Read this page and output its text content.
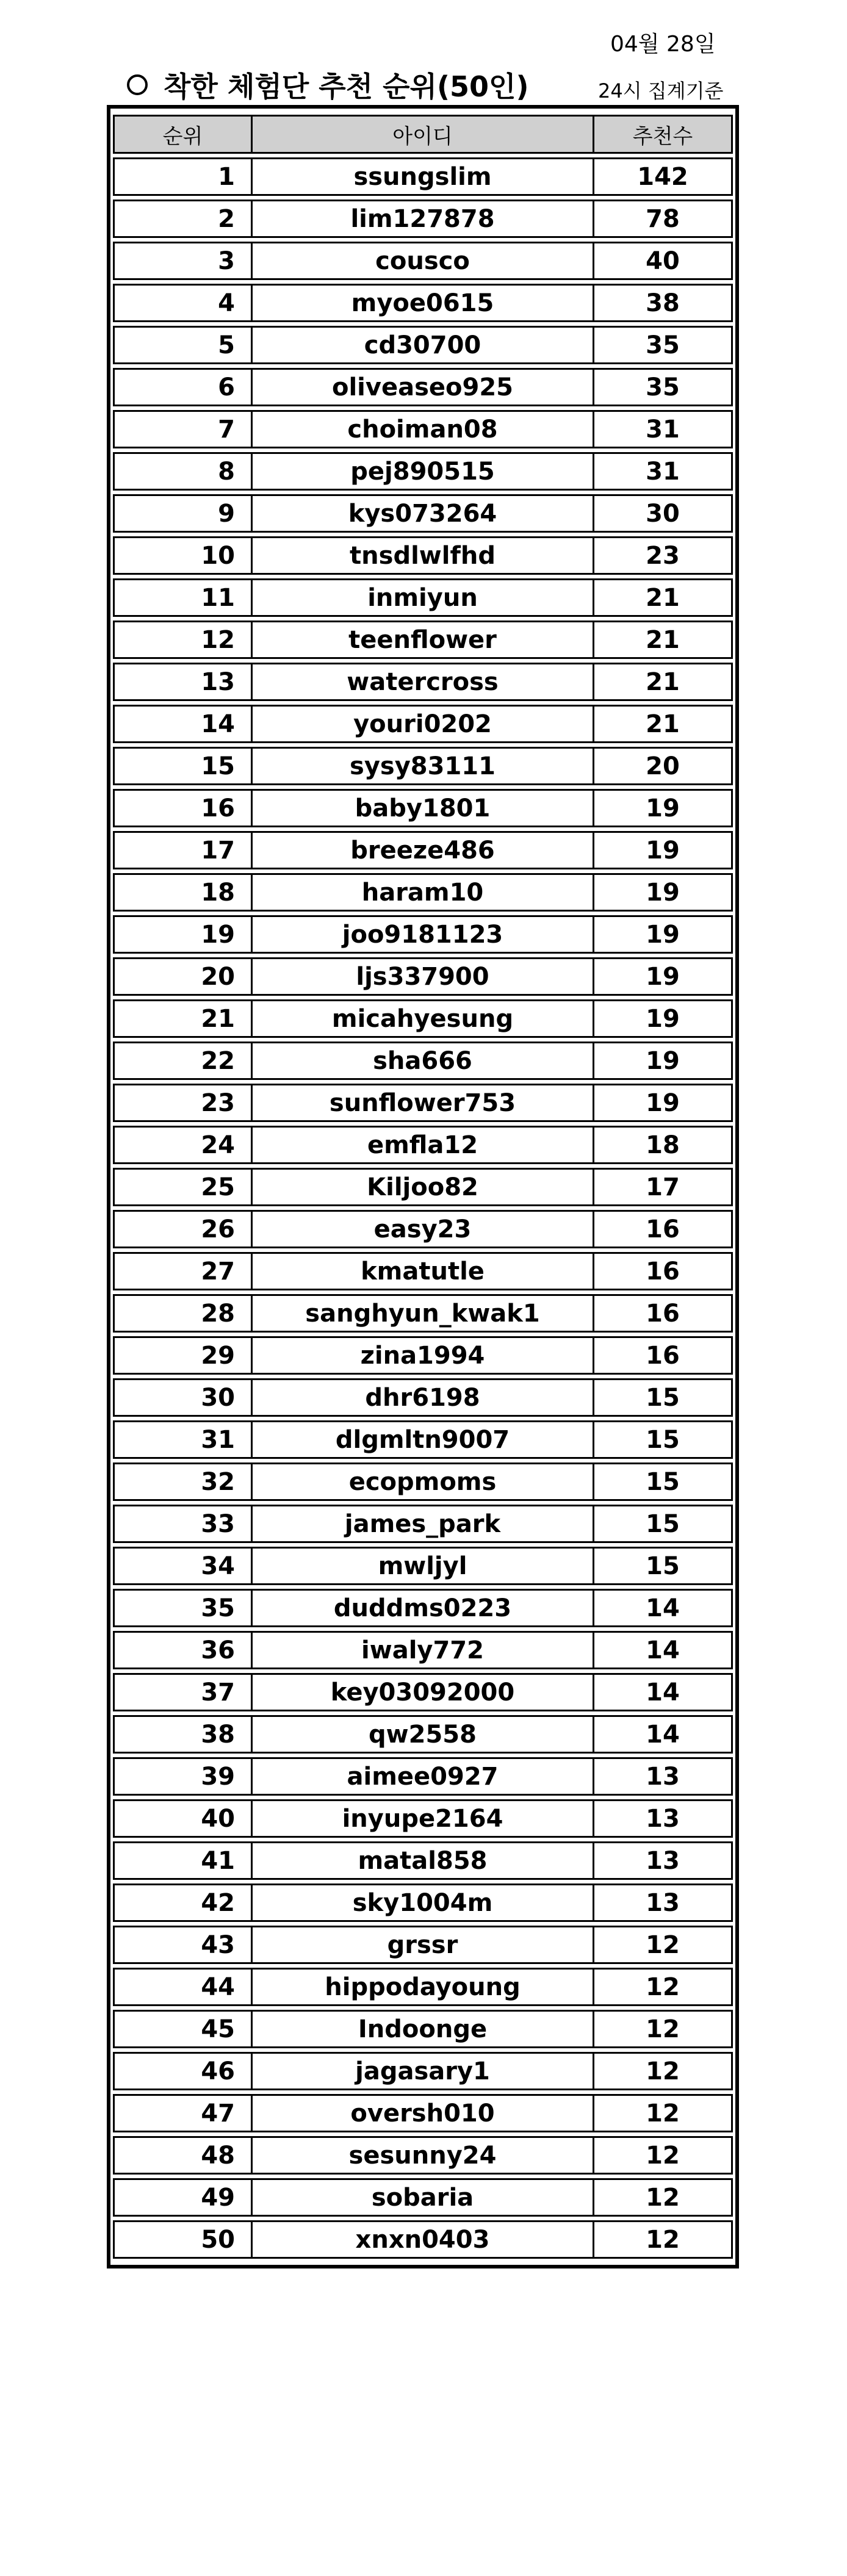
04월 28일
착한 체험단 추천 순위(50인)	24시 집계기준
순위	아이디	추천수
1	ssungslim	142
2	lim127878	78
3	cousco	40
4	myoe0615	38
5	cd30700	35
6	oliveaseo925	35
7	choiman08	31
8	pej890515	31
9	kys073264	30
10	tnsdlwlfhd	23
11	inmiyun	21
12	teenflower	21
13	watercross	21
14	youri0202	21
15	sysy83111	20
16	baby1801	19
17	breeze486	19
18	haram10	19
19	joo9181123	19
20	ljs337900	19
21	micahyesung	19
22	sha666	19
23	sunflower753	19
24	emfla12	18
25	Kiljoo82	17
26	easy23	16
27	kmatutle	16
28	sanghyun_kwak1	16
29	zina1994	16
30	dhr6198	15
31	dlgmltn9007	15
32	ecopmoms	15
33	james_park	15
34	mwljyl	15
35	duddms0223	14
36	iwaly772	14
37	key03092000	14
38	qw2558	14
39	aimee0927	13
40	inyupe2164	13
41	matal858	13
42	sky1004m	13
43	grssr	12
44	hippodayoung	12
45	Indoonge	12
46	jagasary1	12
47	oversh010	12
48	sesunny24	12
49	sobaria	12
50	xnxn0403	12
